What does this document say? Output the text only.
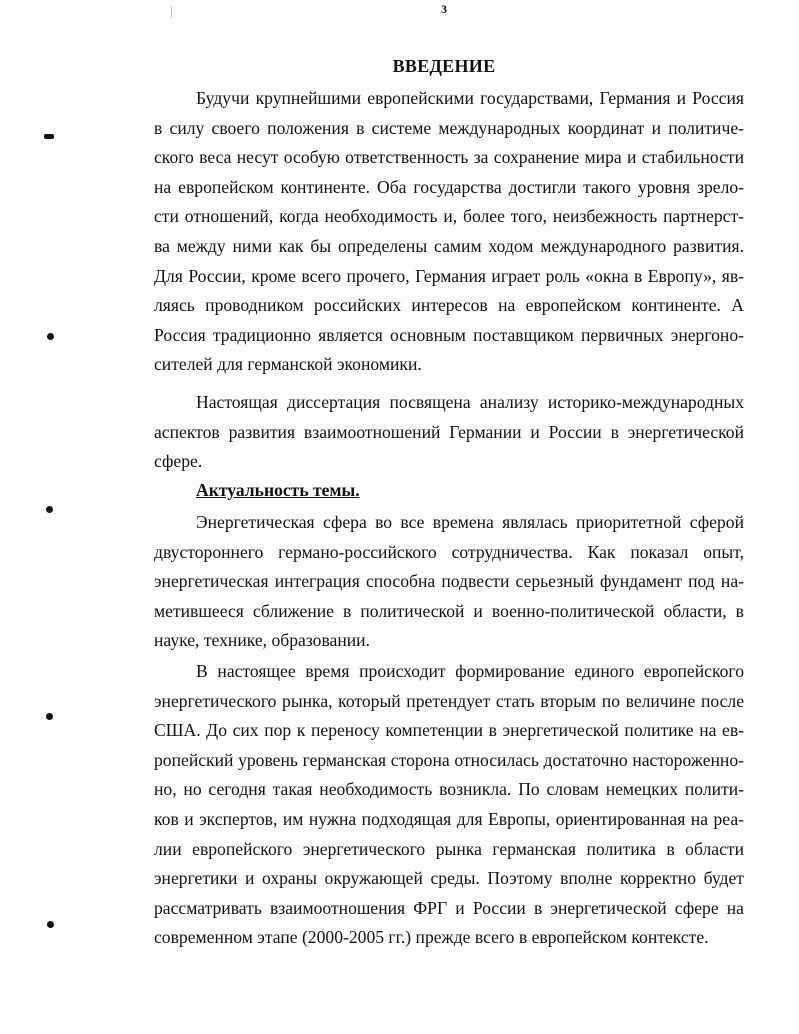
3
ВВЕДЕНИЕ
Будучи крупнейшими европейскими государствами, Германия и Россия
в силу своего положения в системе международных координат и политиче-
ского веса несут особую ответственность за сохранение мира и стабильности
на европейском континенте. Оба государства достигли такого уровня зрело-
сти отношений, когда необходимость и, более того, неизбежность партнерст-
ва между ними как бы определены самим ходом международного развития.
Для России, кроме всего прочего, Германия играет роль «окна в Европу», яв-
ляясь проводником российских интересов на европейском континенте. А
Россия традиционно является основным поставщиком первичных энергоно-
сителей для германской экономики.
Настоящая диссертация посвящена анализу историко-международных
аспектов развития взаимоотношений Германии и России в энергетической
сфере.
Актуальность темы.
Энергетическая сфера во все времена являлась приоритетной сферой
двустороннего германо-российского сотрудничества. Как показал опыт,
энергетическая интеграция способна подвести серьезный фундамент под на-
метившееся сближение в политической и военно-политической области, в
науке, технике, образовании.
В настоящее время происходит формирование единого европейского
энергетического рынка, который претендует стать вторым по величине после
США. До сих пор к переносу компетенции в энергетической политике на ев-
ропейский уровень германская сторона относилась достаточно настороженно-
но, но сегодня такая необходимость возникла. По словам немецких полити-
ков и экспертов, им нужна подходящая для Европы, ориентированная на реа-
лии европейского энергетического рынка германская политика в области
энергетики и охраны окружающей среды. Поэтому вполне корректно будет
рассматривать взаимоотношения ФРГ и России в энергетической сфере на
современном этапе (2000-2005 гг.) прежде всего в европейском контексте.
